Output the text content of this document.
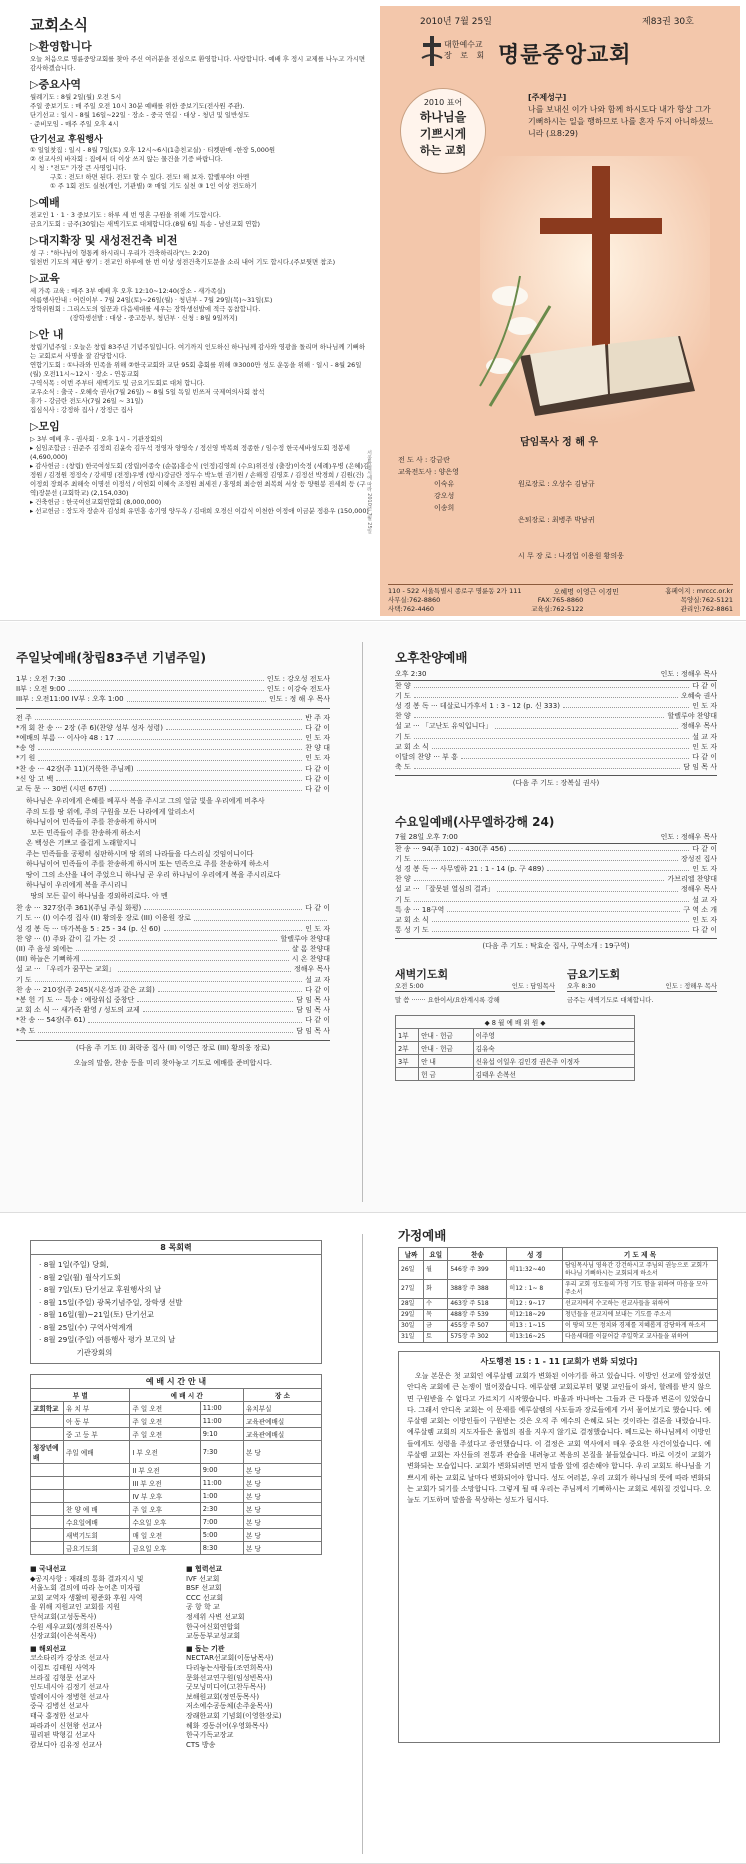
교회소식
▷환영합니다
오늘 처음으로 명륜중앙교회를 찾아 주신 여러분을 진심으로 환영합니다. 사랑합니다. 예배 후 정시 교제를 나누고 가시면 감사하겠습니다.
▷중요사역
월례기도 : 8월 2일(월) 오전 5시
주일 중보기도 : 매 주일 오전 10시 30분 예배를 위한 중보기도(전사원 주관).
단기선교 : 일시 - 8월 16일~22일 · 장소 - 중국 연길 · 대상 - 청년 및 일반성도
· 준비모임 - 매주 주일 오후 4시
단기선교 후원행사
① 일일찻집 : 일시 - 8월 7일(토) 오후 12시~6시(1층친교실) · 티켓판매 -한장 5,000원
② 선교사의 바자회 : 집에서 더 이상 쓰지 않는 물건을 기증 바랍니다.
시 청 : "전도" 가장 큰 사명입니다.
구호 : 전도! 하면 된다. 전도! 할 수 있다. 전도! 해 보자. 합렐루야! 아멘
① 주 1회 전도 실천(개인, 기관별) ② 매일 기도 실천 ③ 1인 이상 전도하기
▷예배
전교인 1 · 1 · 3 중보기도 : 하루 세 번 영혼 구원을 위해 기도합시다.
금요기도회 : 금주(30일)는 새벽기도로 대체합니다.(8월 6일 특송 - 남선교회 연합)
▷대지확장 및 새성전건축 비전
성 구 : "하나님이 형통케 하시리니 우리가 건축하리라"(느 2:20)
일천번 기도의 제단 쌓기 : 전교인 하루에 한 번 이상 성전건축기도문을 소리 내어 기도 합시다.(주보뒷면 참조)
▷교육
세 가족 교육 : 매주 3부 예배 후 오후 12:10~12:40(장소 - 새가족실)
여름행사안내 : 어린이부 - 7월 24일(토)~26일(월) · 청년부 - 7월 29일(목)~31일(토)
장학위원회 : 그리스도의 일꾼과 다음세대를 세우는 장학생선발에 적극 동참합니다.
(장학생선발 : 대상 - 중고등부, 청년부 · 신청 : 8월 9일까지)
▷안 내
창립기념주일 : 오늘은 창립 83주년 기념주일입니다. 여기까지 인도하신 하나님께 감사와 영광을 돌리며 하나님께 기뻐하는 교회로서 사명을 잘 감당합시다.
연합기도회 : ①나라와 민족을 위해 ②한국교회와 교단 95회 총회를 위해 ③3000만 성도 운동을 위해 · 일시 - 8월 26일(월) 오전11시~12시 · 장소 - 연동교회
구역식목 : 이번 주부터 새벽기도 및 금요기도회로 대처 합니다.
교우소식 : 출국 - 오혜숙 권사(7월 26일) ~ 8월 5일 독일 빈쓰저 국제여의사회 참석
휴가 - 강금란 전도사(7월 26일 ~ 31일)
집심식사 : 강정하 집사 / 장정근 집사
▷모임
▷ 3부 예배 후 - 권사회 · 오후 1시 - 기관장회의
▸ 심임조합금 : 권준주 김정희 김윤숙 김두석 정영자 양영숙 / 정신영 박복희 정종한 / 임수정 한국세바성도회 정봉세(4,690,000)
▸ 감사헌금 : (창립) 한국여성도회 (장립)이종숙 (순몸)홍승식 (인정)김영희 (수요)위진성 (출장)이숙정 (세례)우병 (은혜)김정원 / 김정원 정정숙 / 강세명 (전정)우병 (항시)강금란 정두수 박노현 권기원 / 손해정 김영호 / 김정선 박경희 / 김원(건)이정희 장희주 최해숙 이명선 이정석 / 이헌회 이혜숙 조정원 최세진 / 홍영희 최승현 최복희 서상 등 양원봉 진세희 등 (구역)장문선 (교회학교) (2,154,030)
▸ 건축헌금 : 한국여선교회연합회 (8,000,000)
▸ 선교헌금 : 장도자 장순자 김성희 유민홍 송기영 양두옥 / 김대희 오경신 이갑식 이천한 이정애 이금분 정용우 (150,000)
서울특별시에 따라 2010년 7월 25일
2010년 7월 25일	제83권 30호
대한예수교
장 로 회 명륜중앙교회
2010 표어
하나님을
기쁘시게
하는 교회
[주제성구]
나를 보내신 이가 나와 함께 하시도다 내가 항상 그가 기뻐하시는 일을 행하므로 나를 혼자 두지 아니하셨느니라 (요8:29)
담임목사 정 해 우
전 도 사 : 강금란
교육전도사 : 양은영
이숙유
강오성
이송희

원로장로 : 오상수 김남규

은퇴장로 : 최병주 박남귀

시 무 장 로 : 나경업 이용원 황의웅

오혜명 이영근 이경민

110 - 522 서울특별시 종로구 명륜동 2가 111	홈페이지 : mrccc.or.kr
사무실:762-8860	FAX:765-8860	목양실:762-5121
사택:762-4460	교육실:762-5122	관리인:762-8861
주일낮예배(창립83주년 기념주일)
1부 : 오전 7:30	인도 : 강오성 전도사
II부 : 오전 9:00	인도 : 이강숙 전도사
III부 : 오전11:00 IV부 : 오후 1:00	인도 : 정 해 우 목사
전 주	반 주 자
*개 회 찬 송 ··· 2장 (주 6)(찬양 성부 성자 성령)	다 같 이
*예배의 부름 ··· 이사야 48 : 17	인 도 자
*송 영	찬 양 대
*기 원	인 도 자
*찬 송 ··· 42장(주 11)(거룩한 주님께)	다 같 이
*신 앙 고 백	다 같 이
교 독 문 ··· 30번 (시편 67편)	다 같 이
하나님은 우리에게 은혜를 베푸사 복을 주시고 그의 얼굴 빛을 우리에게 비추사
주의 도를 땅 위에, 주의 구원을 모든 나라에게 알리소서
하나님이여 민족들이 주를 찬송하게 하시며
모든 민족들이 주를 찬송하게 하소서
온 백성은 기쁘고 즐겁게 노래할지니
주는 민족들을 공평히 심판하시며 땅 위의 나라들을 다스리실 것임이니이다
하나님이여 민족들이 주를 찬송하게 하시며 또는 민족으로 주를 찬송하게 하소서
땅이 그의 소산을 내어 주었으니 하나님 곧 우리 하나님이 우리에게 복을 주시리로다
하나님이 우리에게 복을 주시리니
땅의 모든 끝이 하나님을 경외하리로다. 아 멘
찬 송 ··· 327장(주 361)(주님 주실 화평)	다 같 이
기 도 ··· (I) 이수경 집사 (II) 황의웅 장로 (III) 이용원 장로
성 경 봉 독 ··· 마가복음 5 : 25 - 34 (p. 신 60)	인 도 자
찬 양 ··· (I) 주와 같이 길 가는 것	할렐루야 찬양대
(II) 주 음성 외에는	샬 롬 찬양대
(III) 하늘은 기뻐하게	시 온 찬양대
설 교 ··· 「우리가 꿈꾸는 교회」	정해우 목사
기 도	설 교 자
찬 송 ··· 210장(주 245)(시온성과 같은 교회)	다 같 이
*봉 헌 기 도 ··· 특송 : 예랑워십 중창단	담 임 목 사
교 회 소 식 ··· 새가족 환영 / 성도의 교제	담 임 목 사
*찬 송 ··· 54장(주 61)	다 같 이
*축 도	담 임 목 사
(다음 주 기도 (I) 최락종 집사 (II) 이영근 장로 (III) 황의웅 장로)
오늘의 말씀, 찬송 등을 미리 찾아놓고 기도로 예배를 준비합시다.
오후찬양예배
오후 2:30	인도 : 정해우 목사
찬 양	다 같 이
기 도	오혜숙 권사
성 경 봉 독 ··· 데살로니가후서 1 : 3 - 12 (p. 신 333)	인 도 자
찬 양	할렐루야 찬양대
설 교 ··· 「고난도 유익입니다」	정해우 목사
기 도	설 교 자
교 회 소 식	인 도 자
이달의 찬양 ··· 부 흥	다 같 이
축 도	담 임 목 사
(다음 주 기도 : 장복실 권사)
수요일예배(사무엘하강해 24)
7월 28일 오후 7:00	인도 : 정해우 목사
찬 송 ··· 94(주 102) · 430(주 456)	다 같 이
기 도	장성진 집사
성 경 봉 독 ··· 사무엘하 21 : 1 - 14 (p. 구 489)	인 도 자
찬 양	가브리엘 찬양대
설 교 ··· 「잘못된 열심의 결과」	정해우 목사
기 도	설 교 자
특 송 ··· 18구역	구 역 소 개
교 회 소 식	인 도 자
통 성 기 도	다 같 이
(다음 주 기도 : 탁효순 집사, 구역소개 : 19구역)
새벽기도회
오전 5:00	인도 : 담임목사
말 씀 ······· 요한이서/요한계시록 강해
금요기도회
오후 8:30	인도 : 정해우 목사
금주는 새벽기도로 대체합니다.
◆ 8 월 예 배 위 원 ◆		
1부	안내 · 헌금	이주영
2부	안내 · 헌금	김유숙
3부	안 내	신유섭 이일우 김인경 권은주 이정자
	헌 금	김태우 손복선
8 목회력

· 8월 1일(주일) 당회,
· 8월 2일(월) 월삭기도회
· 8월 7일(토) 단기선교 후원행사의 날
· 8월 15일(주일) 광복기념주일, 장학생 선발
· 8월 16일(월)~21일(토) 단기선교
· 8월 25일(수) 구역사역계개
· 8월 29일(주일) 여름행사 평가 보고의 날
기관장회의
예 배 시 간 안 내				
부 별		예 배 시 간		장 소
교회학교	유 치 부	주 일 오전	11:00	유치부실
	아 동 부	주 일 오전	11:00	교육관예배실
	중 고 등 부	주 일 오전	9:10	교육관예배실
청장년예배	주일 예배	I 부 오전	7:30	본 당
		II 부 오전	9:00	본 당
		III 부 오전	11:00	본 당
		IV 부 오후	1:00	본 당
	찬 양 예 배	주 일 오후	2:30	본 당
	수요일예배	수요일 오후	7:00	본 당
	새벽기도회	매 일 오전	5:00	본 당
	금요기도회	금요일 오후	8:30	본 당
■ 국내선교
◆공지사항 : 재래의 통화 결과지시 및
서울노회 결의에 따라 농어촌 미자립
교회 교역자 생활비 평준화 후원 사역
을 위해 지원교인 교회를 지원
단석교회(고성동목사)
수원 세우교회(정희진목사)
신장교회(이은석목사)
■ 해외선교
코소타리카 강상조 선교사
이집트 김태원 사역자
브라질 김형문 선교사
인도네시아 김정기 선교사
말레이시아 정병현 선교사
중국 김병선 선교사
태국 홍정한 선교사
파라과이 신현왕 선교사
필리핀 박형길 선교사
캄보디아 김유정 선교사
■ 협력선교
IVF 선교회
BSF 선교회
CCC 선교회
공 항 학 교
정세위 사변 선교회
한국여신회연합회
교동동부교성교회
■ 돕는 기관
NECTAR선교회(이동남목사)
다리놓는사람들(조연희목사)
문화선교연구원(임성빈목사)
굿모닝미디어(고찬두목사)
보해원교회(정연동목사)
저소예수공동체(손주윤목사)
장래한교회 기념회(이영한장로)
헤화 경동쉬어(우영화목사)
한국기독교장교
CTS 방송
가정예배
날짜	요일	찬송	성 경	기 도 제 목
26일	월	546장 주 399	히11:32~40	담임목사님 영육간 강건하시고 주님의 권능으로 교회가 하나님 기뻐하시는 교회되게 하소서
27일	화	388장 주 388	히12 : 1~ 8	우리 교회 성도들의 가정 기도 함을 위하여 마음을 모아 주소서
28일	수	463장 주 518	히12 : 9~17	선교지에서 수고하는 선교사들을 위하여
29일	목	488장 주 539	히12:18~29	청년들을 선교지에 보내는 기도를 주소서
30일	금	455장 주 507	히13 : 1~15	이 땅의 모든 정치와 경제를 지혜롭게 감당하게 하소서
31일	토	575장 주 302	히13:16~25	다음세대를 이끌어갈 주일학교 교사들을 위하여
사도행전 15 : 1 - 11 [교회가 변화 되었다]
오늘 본문은 첫 교회인 예루살렘 교회가 변화된 이야기를 하고 있습니다. 이방인 선교에 앞장섰던 안디옥 교회에 큰 논쟁이 벌어졌습니다. 예루살렘 교회로부터 몇몇 교인들이 와서, 할례를 받지 않으면 구원받을 수 없다고 가르치기 시작했습니다. 바울과 바나바는 그들과 큰 다툼과 변론이 있었습니다. 그래서 안디옥 교회는 이 문제를 예루살렘의 사도들과 장로들에게 가서 물어보기로 했습니다. 예루살렘 교회는 이방인들이 구원받는 것은 오직 주 예수의 은혜로 되는 것이라는 결론을 내렸습니다. 예루살렘 교회의 지도자들은 율법의 짐을 지우지 않기로 결정했습니다. 베드로는 하나님께서 이방인들에게도 성령을 주셨다고 증언했습니다. 이 결정은 교회 역사에서 매우 중요한 사건이었습니다. 예루살렘 교회는 자신들의 전통과 관습을 내려놓고 복음의 본질을 붙들었습니다. 바로 이것이 교회가 변화되는 모습입니다. 교회가 변화되려면 먼저 말씀 앞에 겸손해야 합니다. 우리 교회도 하나님을 기쁘시게 하는 교회로 날마다 변화되어야 합니다. 성도 여러분, 우리 교회가 하나님의 뜻에 따라 변화되는 교회가 되기를 소망합니다. 그렇게 될 때 우리는 주님께서 기뻐하시는 교회로 세워질 것입니다. 오늘도 기도하며 말씀을 묵상하는 성도가 됩시다.
